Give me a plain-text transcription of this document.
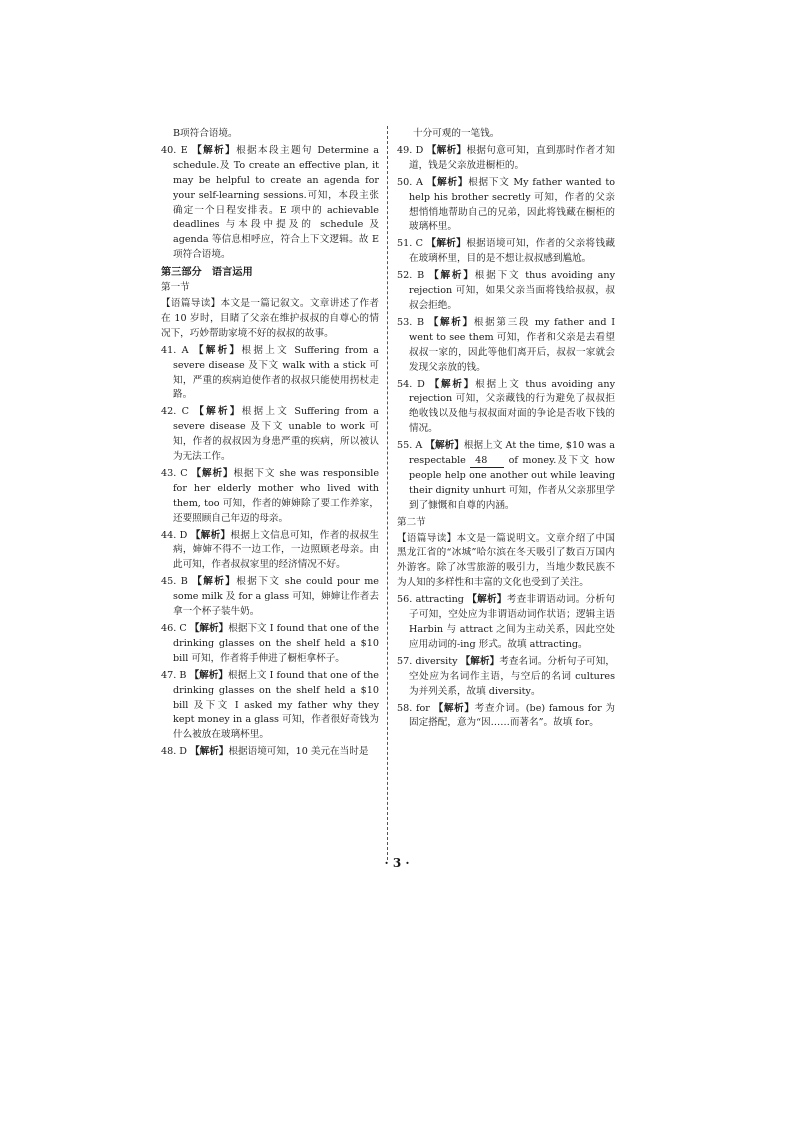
B项符合语境。
40. E 【解析】根据本段主题句 Determine a schedule.及 To create an effective plan, it may be helpful to create an agenda for your self-learning sessions.可知，本段主张确定一个日程安排表。E 项中的 achievable deadlines 与本段中提及的 schedule 及 agenda 等信息相呼应，符合上下文逻辑。故 E 项符合语境。
第三部分　语言运用
第一节
【语篇导读】本文是一篇记叙文。文章讲述了作者在 10 岁时，目睹了父亲在维护叔叔的自尊心的情况下，巧妙帮助家境不好的叔叔的故事。
41. A 【解析】根据上文 Suffering from a severe disease 及下文 walk with a stick 可知，严重的疾病迫使作者的叔叔只能使用拐杖走路。
42. C 【解析】根据上文 Suffering from a severe disease 及下文 unable to work 可知，作者的叔叔因为身患严重的疾病，所以被认为无法工作。
43. C 【解析】根据下文 she was responsible for her elderly mother who lived with them, too 可知，作者的婶婶除了要工作养家，还要照顾自己年迈的母亲。
44. D 【解析】根据上文信息可知，作者的叔叔生病，婶婶不得不一边工作，一边照顾老母亲。由此可知，作者叔叔家里的经济情况不好。
45. B 【解析】根据下文 she could pour me some milk 及 for a glass 可知，婶婶让作者去拿一个杯子装牛奶。
46. C 【解析】根据下文 I found that one of the drinking glasses on the shelf held a $10 bill 可知，作者将手伸进了橱柜拿杯子。
47. B 【解析】根据上文 I found that one of the drinking glasses on the shelf held a $10 bill 及下文 I asked my father why they kept money in a glass 可知，作者很好奇钱为什么被放在玻璃杯里。
48. D 【解析】根据语境可知，10 美元在当时是
十分可观的一笔钱。
49. D 【解析】根据句意可知，直到那时作者才知道，钱是父亲放进橱柜的。
50. A 【解析】根据下文 My father wanted to help his brother secretly 可知，作者的父亲想悄悄地帮助自己的兄弟，因此将钱藏在橱柜的玻璃杯里。
51. C 【解析】根据语境可知，作者的父亲将钱藏在玻璃杯里，目的是不想让叔叔感到尴尬。
52. B 【解析】根据下文 thus avoiding any rejection 可知，如果父亲当面将钱给叔叔，叔叔会拒绝。
53. B 【解析】根据第三段 my father and I went to see them 可知，作者和父亲是去看望叔叔一家的，因此等他们离开后，叔叔一家就会发现父亲放的钱。
54. D 【解析】根据上文 thus avoiding any rejection 可知，父亲藏钱的行为避免了叔叔拒绝收钱以及他与叔叔面对面的争论是否收下钱的情况。
55. A 【解析】根据上文 At the time, $10 was a respectable 48 of money.及下文 how people help one another out while leaving their dignity unhurt 可知，作者从父亲那里学到了慷慨和自尊的内涵。
第二节
【语篇导读】本文是一篇说明文。文章介绍了中国黑龙江省的“冰城”哈尔滨在冬天吸引了数百万国内外游客。除了冰雪旅游的吸引力，当地少数民族不为人知的多样性和丰富的文化也受到了关注。
56. attracting 【解析】考查非谓语动词。分析句子可知，空处应为非谓语动词作状语；逻辑主语 Harbin 与 attract 之间为主动关系，因此空处应用动词的-ing 形式。故填 attracting。
57. diversity 【解析】考查名词。分析句子可知，空处应为名词作主语，与空后的名词 cultures 为并列关系，故填 diversity。
58. for 【解析】考查介词。(be) famous for 为固定搭配，意为“因……而著名”。故填 for。
· 3 ·
